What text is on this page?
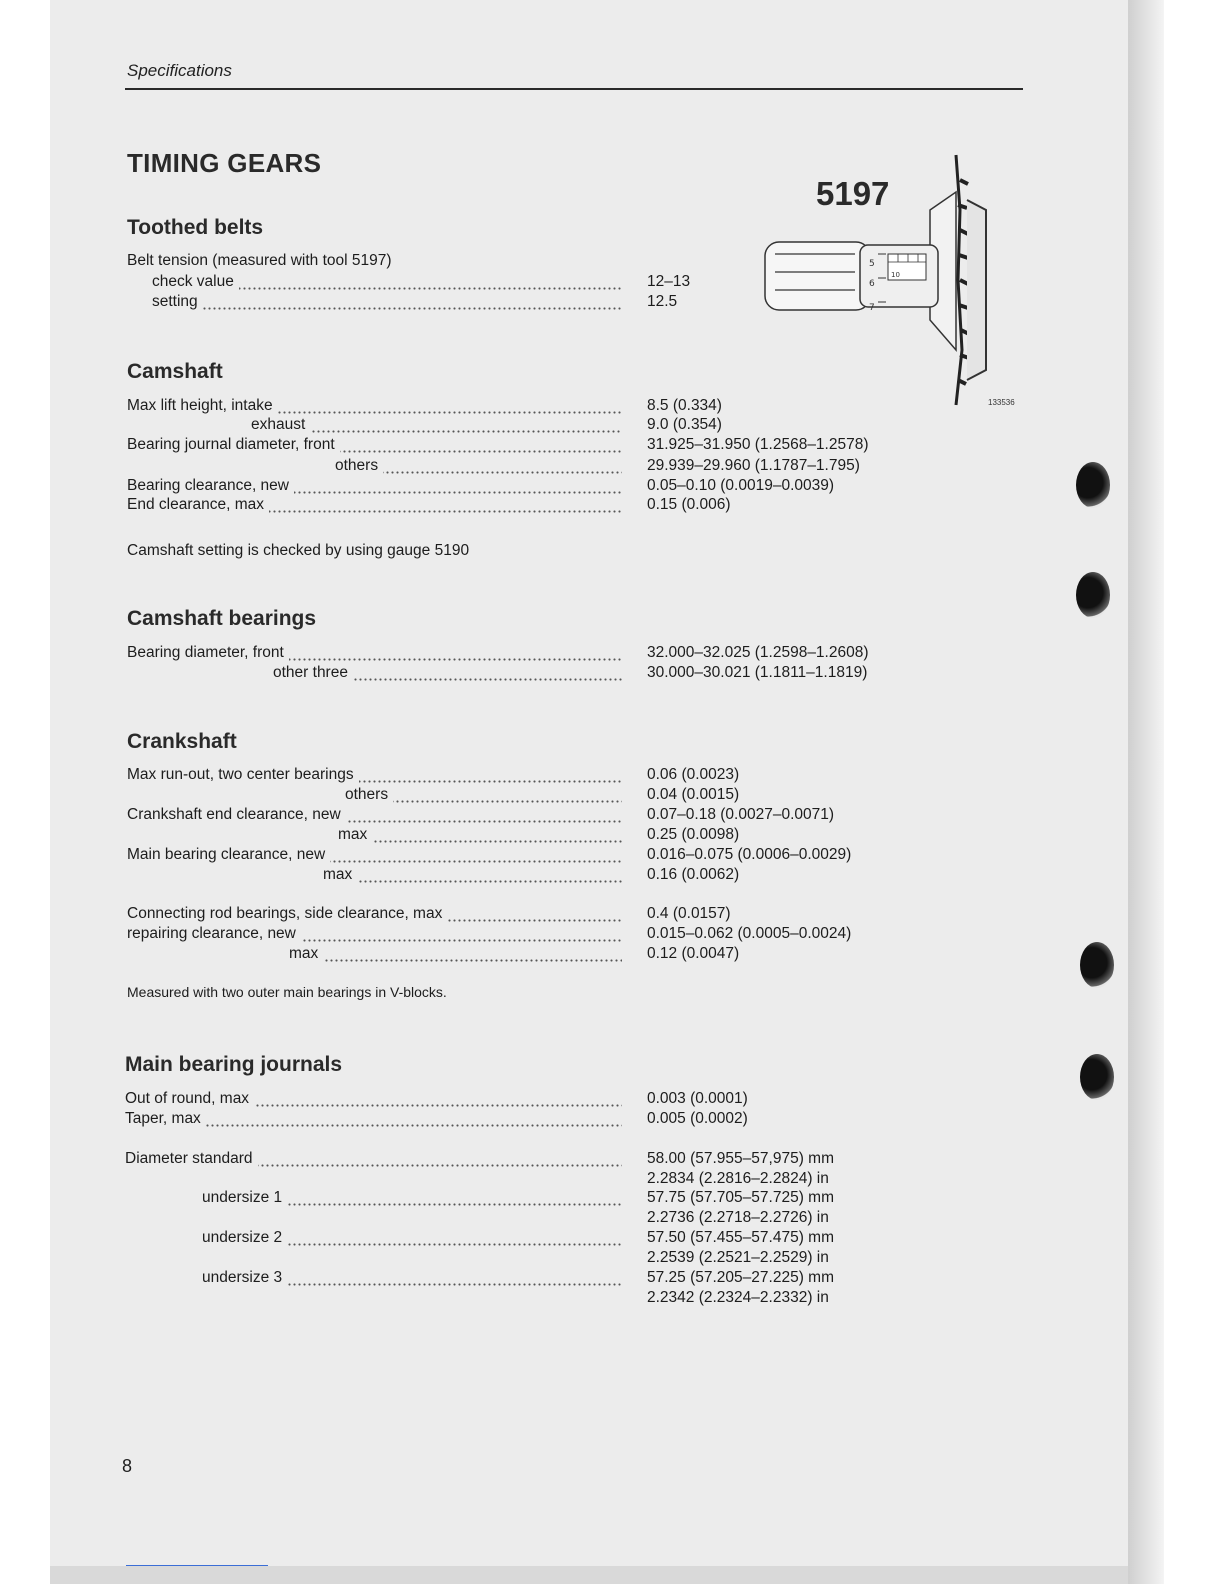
Specifications
TIMING GEARS
5197
5
6
7
10
133536
Toothed belts
Belt tension (measured with tool 5197)
check value	12–13
setting	12.5
Camshaft
Max lift height, intake	8.5 (0.334)
exhaust	9.0 (0.354)
Bearing journal diameter, front	31.925–31.950 (1.2568–1.2578)
others	29.939–29.960 (1.1787–1.795)
Bearing clearance, new	0.05–0.10 (0.0019–0.0039)
End clearance, max	0.15 (0.006)
Camshaft setting is checked by using gauge 5190
Camshaft bearings
Bearing diameter, front	32.000–32.025 (1.2598–1.2608)
other three	30.000–30.021 (1.1811–1.1819)
Crankshaft
Max run-out, two center bearings	0.06 (0.0023)
others	0.04 (0.0015)
Crankshaft end clearance, new	0.07–0.18 (0.0027–0.0071)
max	0.25 (0.0098)
Main bearing clearance, new	0.016–0.075 (0.0006–0.0029)
max	0.16 (0.0062)
Connecting rod bearings, side clearance, max	0.4 (0.0157)
repairing clearance, new	0.015–0.062 (0.0005–0.0024)
max	0.12 (0.0047)
Measured with two outer main bearings in V-blocks.
Main bearing journals
Out of round, max	0.003 (0.0001)
Taper, max	0.005 (0.0002)
Diameter standard	58.00 (57.955–57,975) mm
2.2834 (2.2816–2.2824) in
undersize 1	57.75 (57.705–57.725) mm
2.2736 (2.2718–2.2726) in
undersize 2	57.50 (57.455–57.475) mm
2.2539 (2.2521–2.2529) in
undersize 3	57.25 (57.205–27.225) mm
2.2342 (2.2324–2.2332) in
8
